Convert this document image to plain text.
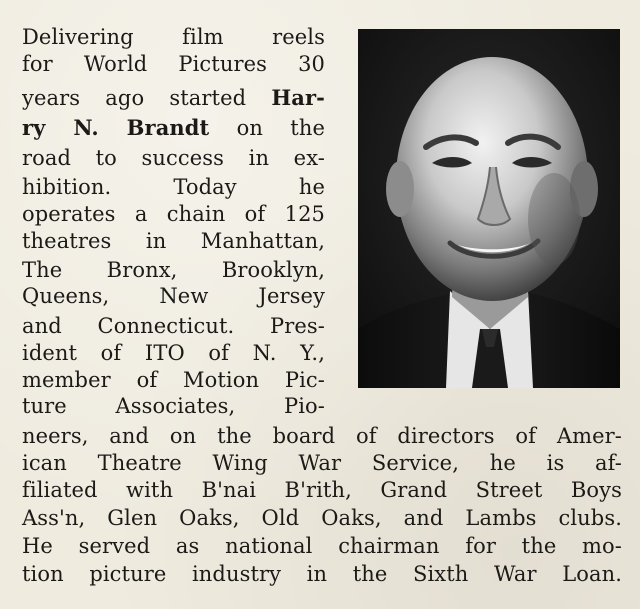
Delivering film reels
for World Pictures 30
years ago started Har-
ry N. Brandt on the
road to success in ex-
hibition. Today he
operates a chain of 125
theatres in Manhattan,
The Bronx, Brooklyn,
Queens, New Jersey
and Connecticut. Pres-
ident of ITO of N. Y.,
member of Motion Pic-
ture Associates, Pio-
neers, and on the board of directors of Amer-
ican Theatre Wing War Service, he is af-
filiated with B'nai B'rith, Grand Street Boys
Ass'n, Glen Oaks, Old Oaks, and Lambs clubs.
He served as national chairman for the mo-
tion picture industry in the Sixth War Loan.
